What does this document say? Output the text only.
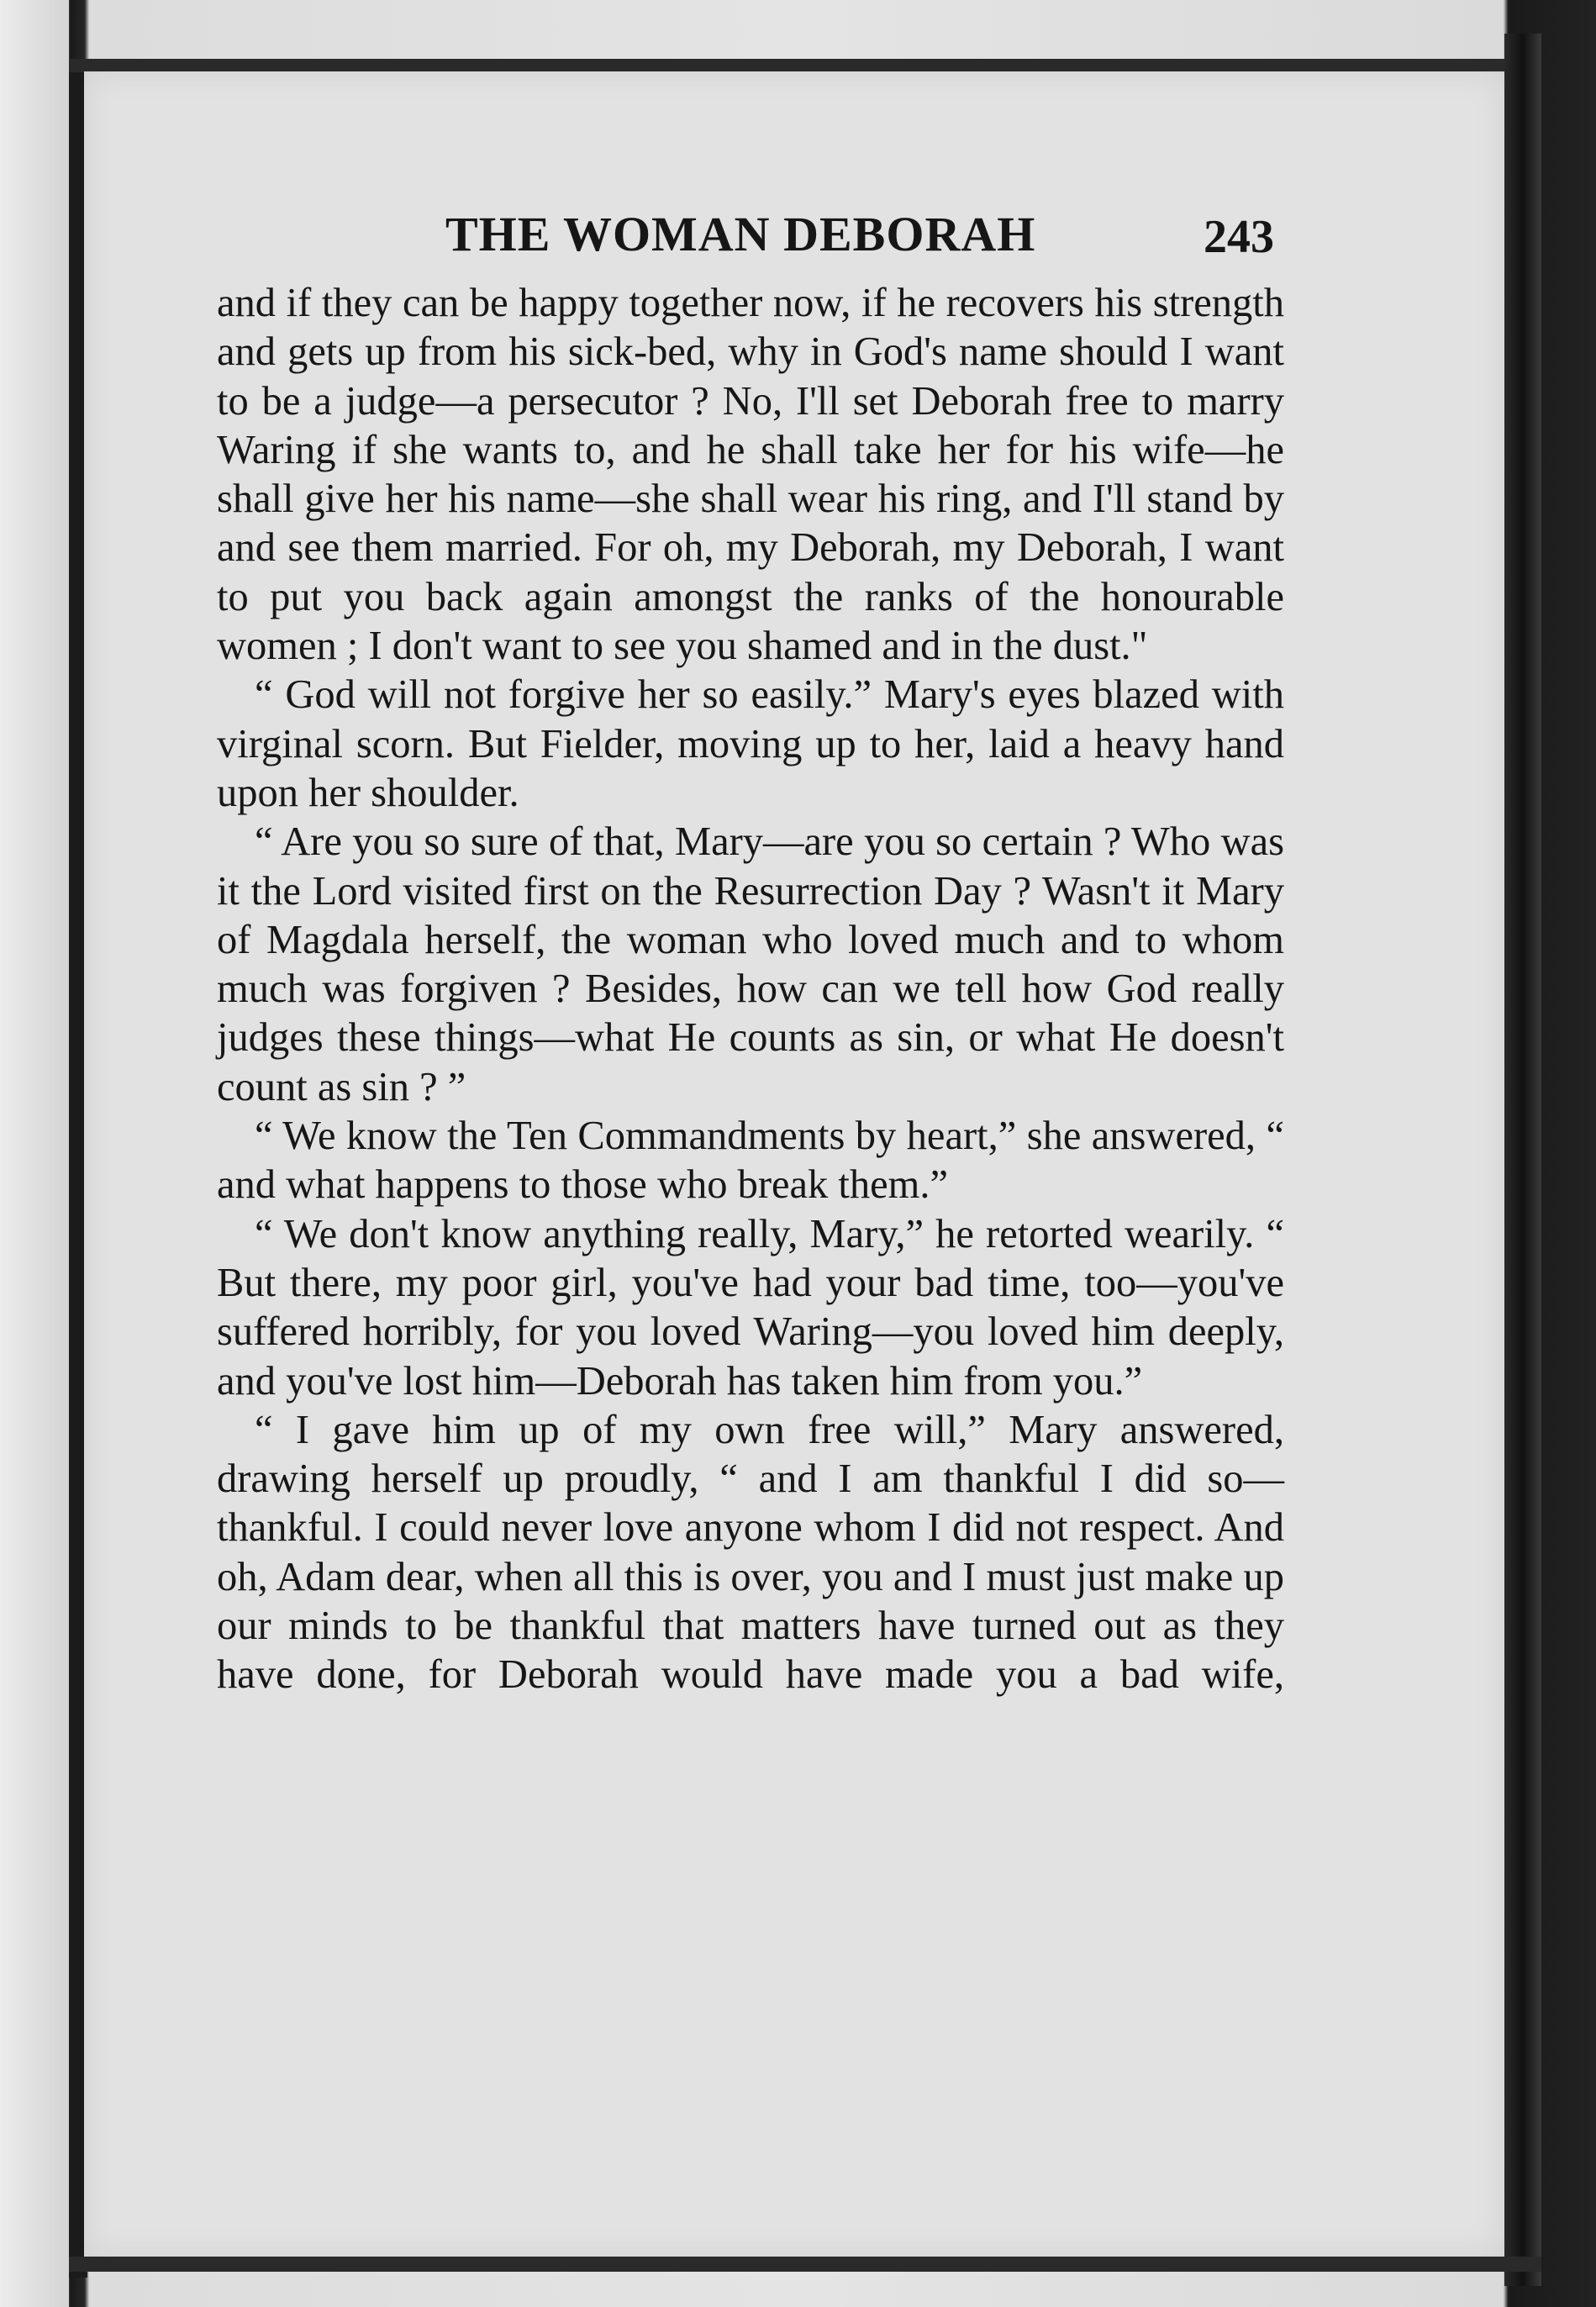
THE WOMAN DEBORAH	243

and if they can be happy together now, if he recovers his strength and gets up from his sick-bed, why in God's name should I want to be a judge—a persecutor ? No, I'll set Deborah free to marry Waring if she wants to, and he shall take her for his wife—he shall give her his name—she shall wear his ring, and I'll stand by and see them married. For oh, my Deborah, my Deborah, I want to put you back again amongst the ranks of the honourable women ; I don't want to see you shamed and in the dust."

“ God will not forgive her so easily.” Mary's eyes blazed with virginal scorn. But Fielder, moving up to her, laid a heavy hand upon her shoulder.

“ Are you so sure of that, Mary—are you so certain ? Who was it the Lord visited first on the Resurrection Day ? Wasn't it Mary of Magdala herself, the woman who loved much and to whom much was forgiven ? Besides, how can we tell how God really judges these things—what He counts as sin, or what He doesn't count as sin ? ”

“ We know the Ten Commandments by heart,” she answered, “ and what happens to those who break them.”

“ We don't know anything really, Mary,” he retorted wearily. “ But there, my poor girl, you've had your bad time, too—you've suffered horribly, for you loved Waring—you loved him deeply, and you've lost him—Deborah has taken him from you.”

“ I gave him up of my own free will,” Mary answered, drawing herself up proudly, “ and I am thankful I did so—thankful. I could never love anyone whom I did not respect. And oh, Adam dear, when all this is over, you and I must just make up our minds to be thankful that matters have turned out as they have done, for Deborah would have made you a bad wife,
